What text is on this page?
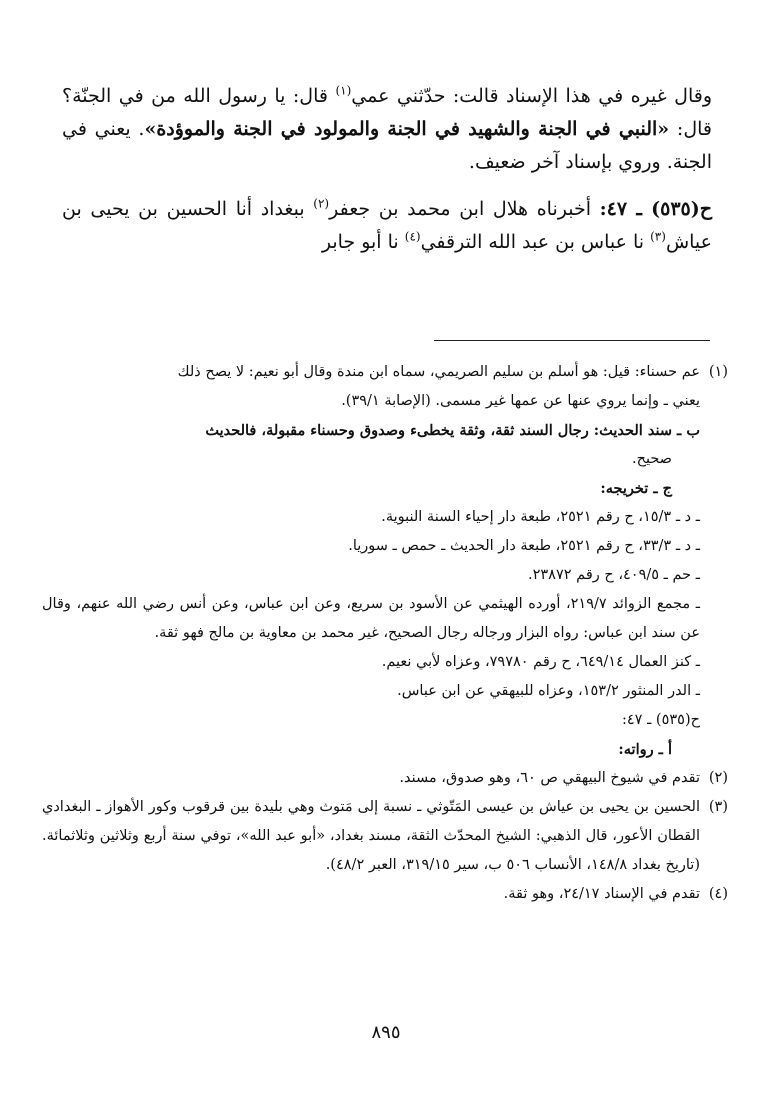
وقال غيره في هذا الإسناد قالت: حدّثني عمي$^{(١)}$ قال: يا رسول الله من في الجنّة؟ قال: «النبي في الجنة والشهيد في الجنة والمولود في الجنة والموؤدة». يعني في الجنة. وروي بإسناد آخر ضعيف.

ح(٥٣٥) ـ ٤٧: أخبرناه هلال ابن محمد بن جعفر$^{(٢)}$ ببغداد أنا الحسين بن يحيى بن عياش$^{(٣)}$ نا عباس بن عبد الله الترقفي$^{(٤)}$ نا أبو جابر

(١)
عم حسناء: قيل: هو أسلم بن سليم الصريمي، سماه ابن مندة وقال أبو نعيم: لا يصح ذلك
يعني ـ وإنما يروي عنها عن عمها غير مسمى. (الإصابة ٣٩/١).
ب ـ سند الحديث: رجال السند ثقة، وثقة يخطىء وصدوق وحسناء مقبولة، فالحديث
صحيح.
ج ـ تخريجه:
ـ د ـ ١٥/٣، ح رقم ٢٥٢١، طبعة دار إحياء السنة النبوية.
ـ د ـ ٣٣/٣، ح رقم ٢٥٢١، طبعة دار الحديث ـ حمص ـ سوريا.
ـ حم ـ ٤٠٩/٥، ح رقم ٢٣٨٧٢.
ـ مجمع الزوائد ٢١٩/٧، أورده الهيثمي عن الأسود بن سريع، وعن ابن عباس، وعن أنس رضي الله عنهم، وقال عن سند ابن عباس: رواه البزار ورجاله رجال الصحيح، غير محمد بن معاوية بن مالج فهو ثقة.
ـ كنز العمال ٦٤٩/١٤، ح رقم ٧٩٧٨٠، وعزاه لأبي نعيم.
ـ الدر المنثور ١٥٣/٢، وعزاه للبيهقي عن ابن عباس.
ح(٥٣٥) ـ ٤٧:
أ ـ رواته:
(٢)
تقدم في شيوخ البيهقي ص ٦٠، وهو صدوق، مسند.
(٣)
الحسين بن يحيى بن عياش بن عيسى المَتّوثي ـ نسبة إلى مَتوث وهي بليدة بين قرقوب وكور الأهواز ـ البغدادي القطان الأعور، قال الذهبي: الشيخ المحدّث الثقة، مسند بغداد، «أبو عبد الله»، توفي سنة أربع وثلاثين وثلاثمائة. (تاريخ بغداد ١٤٨/٨، الأنساب ٥٠٦ ب، سير ٣١٩/١٥، العبر ٤٨/٢).
(٤)
تقدم في الإسناد ٢٤/١٧، وهو ثقة.
٨٩٥
